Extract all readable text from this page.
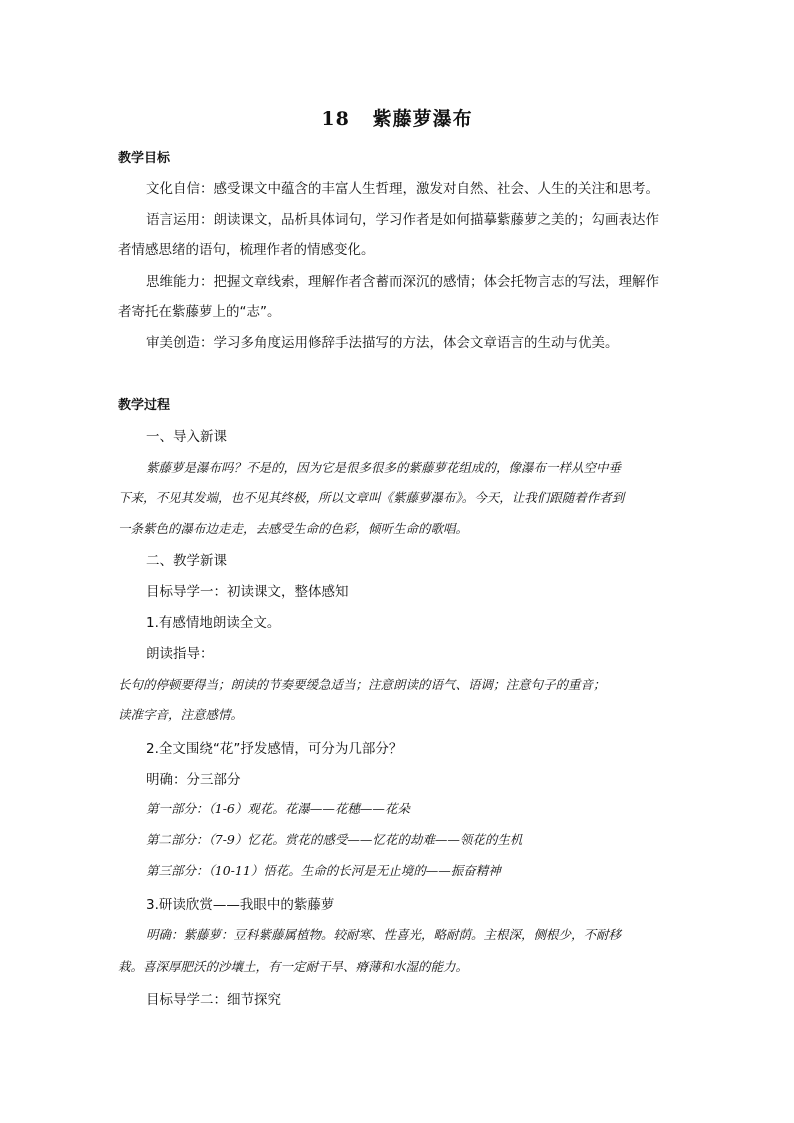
18   紫藤萝瀑布
教学目标
文化自信：感受课文中蕴含的丰富人生哲理，激发对自然、社会、人生的关注和思考。
语言运用：朗读课文，品析具体词句，学习作者是如何描摹紫藤萝之美的；勾画表达作
者情感思绪的语句，梳理作者的情感变化。
思维能力：把握文章线索，理解作者含蓄而深沉的感情；体会托物言志的写法，理解作
者寄托在紫藤萝上的“志”。
审美创造：学习多角度运用修辞手法描写的方法，体会文章语言的生动与优美。
教学过程
一、导入新课
紫藤萝是瀑布吗？不是的，因为它是很多很多的紫藤萝花组成的，像瀑布一样从空中垂
下来，不见其发端，也不见其终极，所以文章叫《紫藤萝瀑布》。今天，让我们跟随着作者到
一条紫色的瀑布边走走，去感受生命的色彩，倾听生命的歌唱。
二、教学新课
目标导学一：初读课文，整体感知
1.有感情地朗读全文。
朗读指导：
长句的停顿要得当；朗读的节奏要缓急适当；注意朗读的语气、语调；注意句子的重音；
读准字音，注意感情。
2.全文围绕“花”抒发感情，可分为几部分？
明确：分三部分
第一部分：（1-6）观花。花瀑——花穗——花朵
第二部分：（7-9）忆花。赏花的感受——忆花的劫难——领花的生机
第三部分：（10-11）悟花。生命的长河是无止境的——振奋精神
3.研读欣赏——我眼中的紫藤萝
明确：紫藤萝：豆科紫藤属植物。较耐寒、性喜光，略耐荫。主根深，侧根少，不耐移
栽。喜深厚肥沃的沙壤土，有一定耐干旱、瘠薄和水湿的能力。
目标导学二：细节探究
